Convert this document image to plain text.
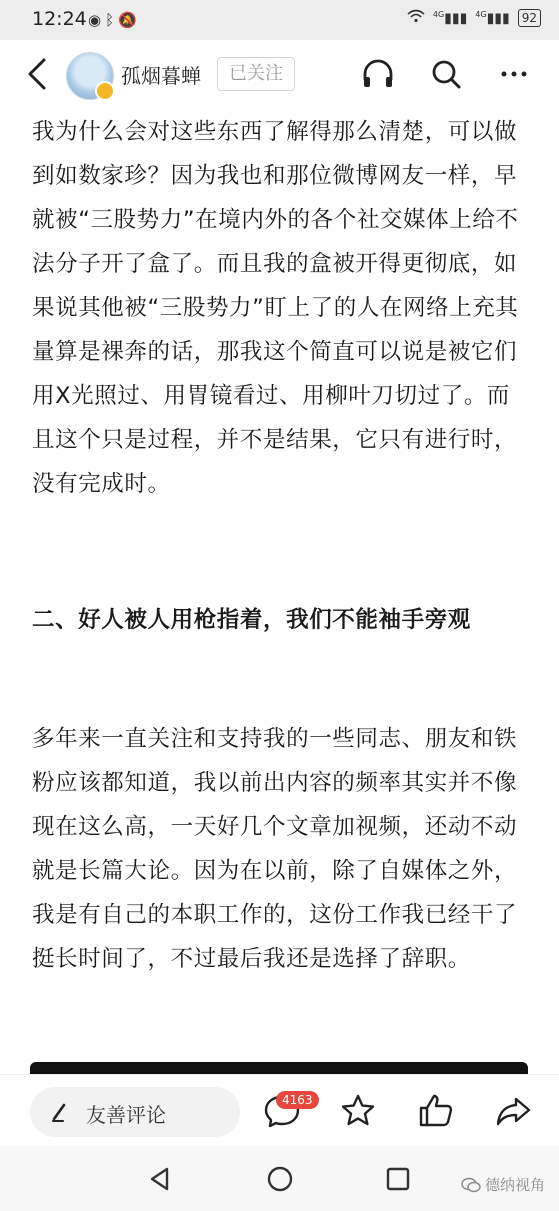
12:24 ◉ᛒ🔕	$^{4G}$▮▮▮ $^{4G}$▮▮▮	92
孤烟暮蝉	已关注

我为什么会对这些东西了解得那么清楚，可以做到如数家珍？因为我也和那位微博网友一样，早就被“三股势力”在境内外的各个社交媒体上给不法分子开了盒了。而且我的盒被开得更彻底，如果说其他被“三股势力”盯上了的人在网络上充其量算是裸奔的话，那我这个简直可以说是被它们用X光照过、用胃镜看过、用柳叶刀切过了。而且这个只是过程，并不是结果，它只有进行时，没有完成时。

二、好人被人用枪指着，我们不能袖手旁观

多年来一直关注和支持我的一些同志、朋友和铁粉应该都知道，我以前出内容的频率其实并不像现在这么高，一天好几个文章加视频，还动不动就是长篇大论。因为在以前，除了自媒体之外，我是有自己的本职工作的，这份工作我已经干了挺长时间了，不过最后我还是选择了辞职。

友善评论
4163
德纳视角
